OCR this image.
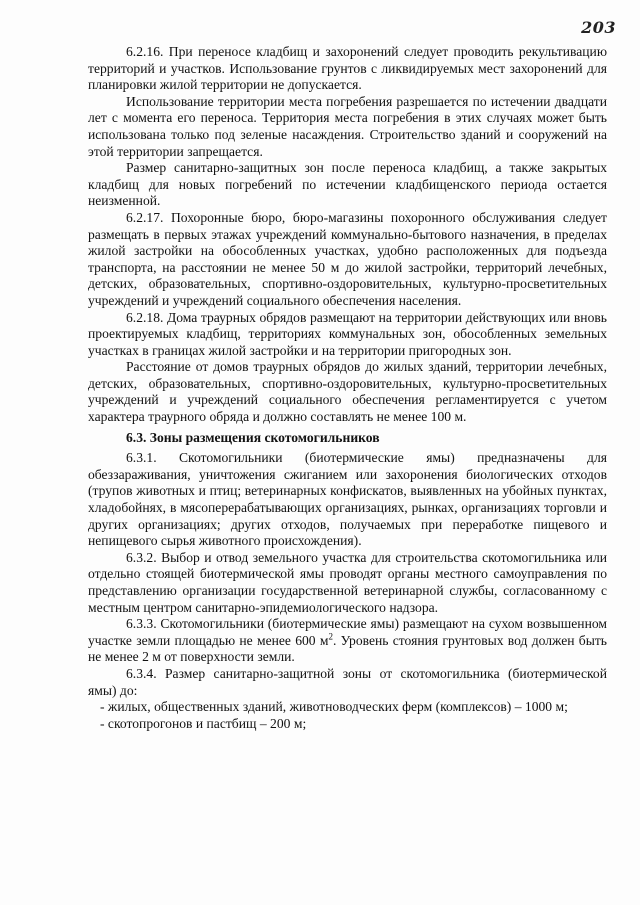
203

6.2.16. При переносе кладбищ и захоронений следует проводить рекультивацию территорий и участков. Использование грунтов с ликвидируемых мест захоронений для планировки жилой территории не допускается.

Использование территории места погребения разрешается по истечении двадцати лет с момента его переноса. Территория места погребения в этих случаях может быть использована только под зеленые насаждения. Строительство зданий и сооружений на этой территории запрещается.

Размер санитарно-защитных зон после переноса кладбищ, а также закрытых кладбищ для новых погребений по истечении кладбищенского периода остается неизменной.

6.2.17. Похоронные бюро, бюро-магазины похоронного обслуживания следует размещать в первых этажах учреждений коммунально-бытового назначения, в пределах жилой застройки на обособленных участках, удобно расположенных для подъезда транспорта, на расстоянии не менее 50 м до жилой застройки, территорий лечебных, детских, образовательных, спортивно-оздоровительных, культурно-просветительных учреждений и учреждений социального обеспечения населения.

6.2.18. Дома траурных обрядов размещают на территории действующих или вновь проектируемых кладбищ, территориях коммунальных зон, обособленных земельных участках в границах жилой застройки и на территории пригородных зон.

Расстояние от домов траурных обрядов до жилых зданий, территории лечебных, детских, образовательных, спортивно-оздоровительных, культурно-просветительных учреждений и учреждений социального обеспечения регламентируется с учетом характера траурного обряда и должно составлять не менее 100 м.

6.3. Зоны размещения скотомогильников

6.3.1. Скотомогильники (биотермические ямы) предназначены для обеззараживания, уничтожения сжиганием или захоронения биологических отходов (трупов животных и птиц; ветеринарных конфискатов, выявленных на убойных пунктах, хладобойнях, в мясоперерабатывающих организациях, рынках, организациях торговли и других организациях; других отходов, получаемых при переработке пищевого и непищевого сырья животного происхождения).

6.3.2. Выбор и отвод земельного участка для строительства скотомогильника или отдельно стоящей биотермической ямы проводят органы местного самоуправления по представлению организации государственной ветеринарной службы, согласованному с местным центром санитарно-эпидемиологического надзора.

6.3.3. Скотомогильники (биотермические ямы) размещают на сухом возвышенном участке земли площадью не менее 600 $м^2$. Уровень стояния грунтовых вод должен быть не менее 2 м от поверхности земли.

6.3.4. Размер санитарно-защитной зоны от скотомогильника (биотермической ямы) до:

- жилых, общественных зданий, животноводческих ферм (комплексов) – 1000 м;

- скотопрогонов и пастбищ – 200 м;
